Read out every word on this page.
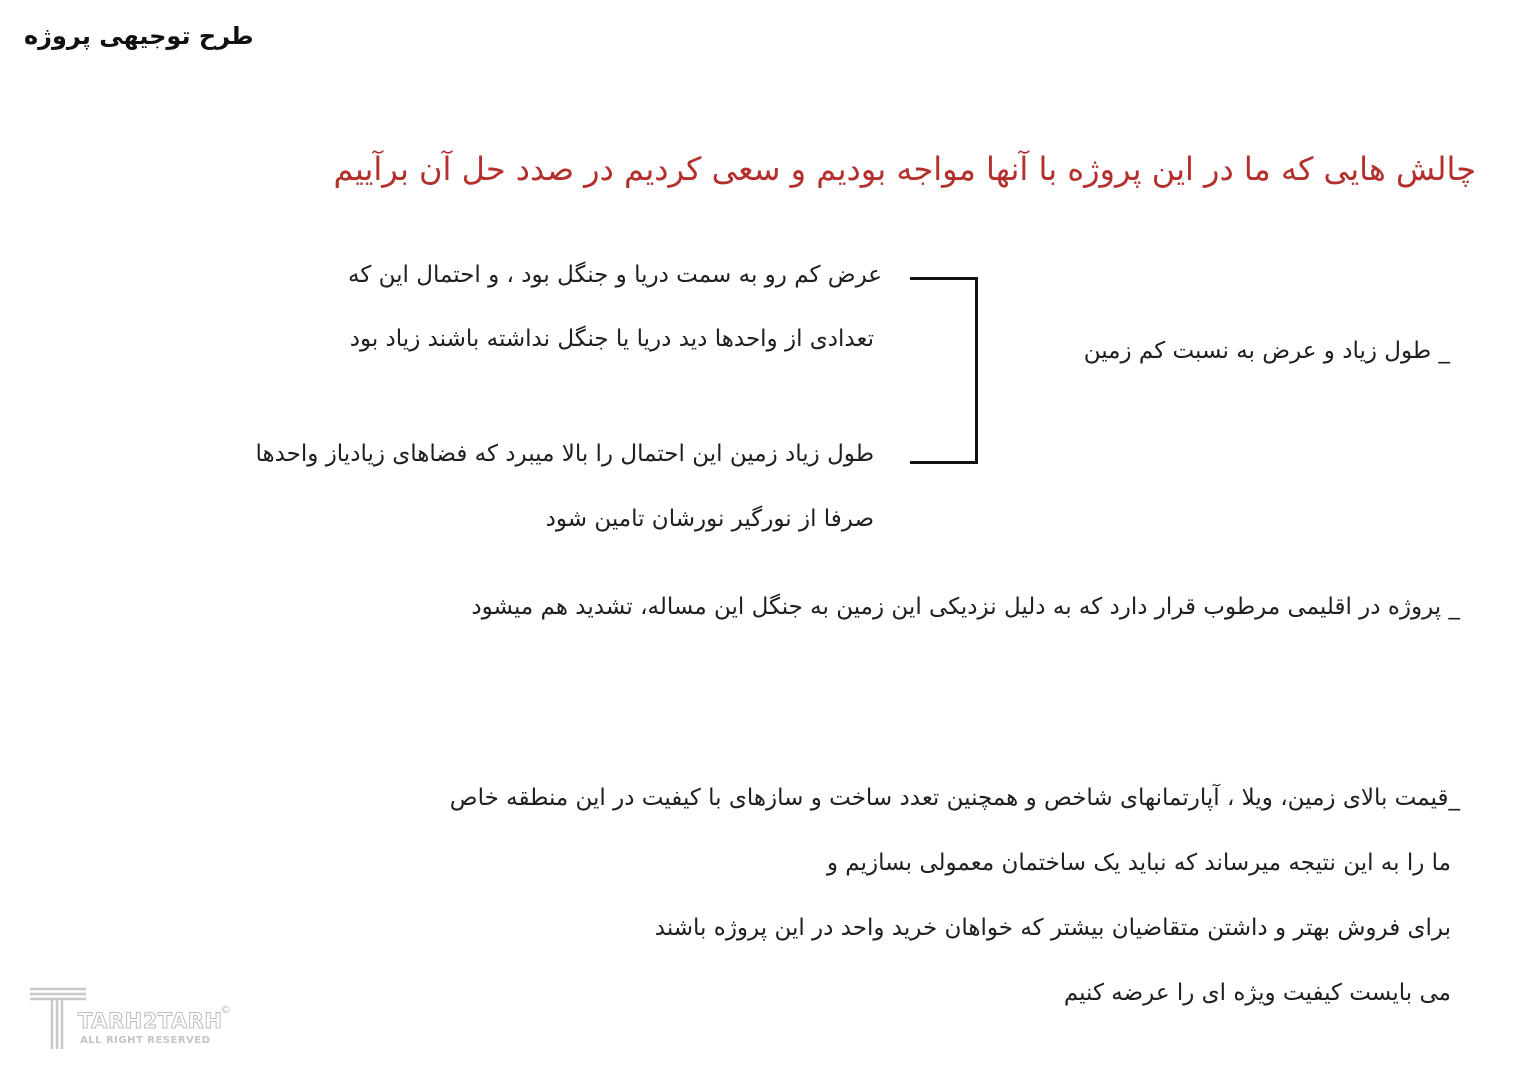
طرح توجیهی پروژه
چالش هایی که ما در این پروژه با آنها مواجه بودیم و سعی کردیم در صدد حل آن برآییم
_ طول زیاد و عرض به نسبت کم زمین
عرض کم رو به سمت دریا و جنگل بود ، و احتمال این که
تعدادی از واحدها دید دریا یا جنگل نداشته باشند زیاد بود
طول زیاد زمین این احتمال را بالا میبرد که فضاهای زیادیاز واحدها
صرفا از نورگیر نورشان تامین شود
_ پروژه در اقلیمی مرطوب قرار دارد که به دلیل نزدیکی این زمین به جنگل این مساله، تشدید هم میشود
_قیمت بالای زمین، ویلا ، آپارتمانهای شاخص و همچنین تعدد ساخت و سازهای با کیفیت در این منطقه خاص
ما را به این نتیجه میرساند که نباید یک ساختمان معمولی بسازیم و
برای فروش بهتر و داشتن متقاضیان بیشتر که خواهان خرید واحد در این پروژه باشند
می بایست کیفیت ویژه ای را عرضه کنیم
TARH2TARH
ALL RIGHT RESERVED
©
